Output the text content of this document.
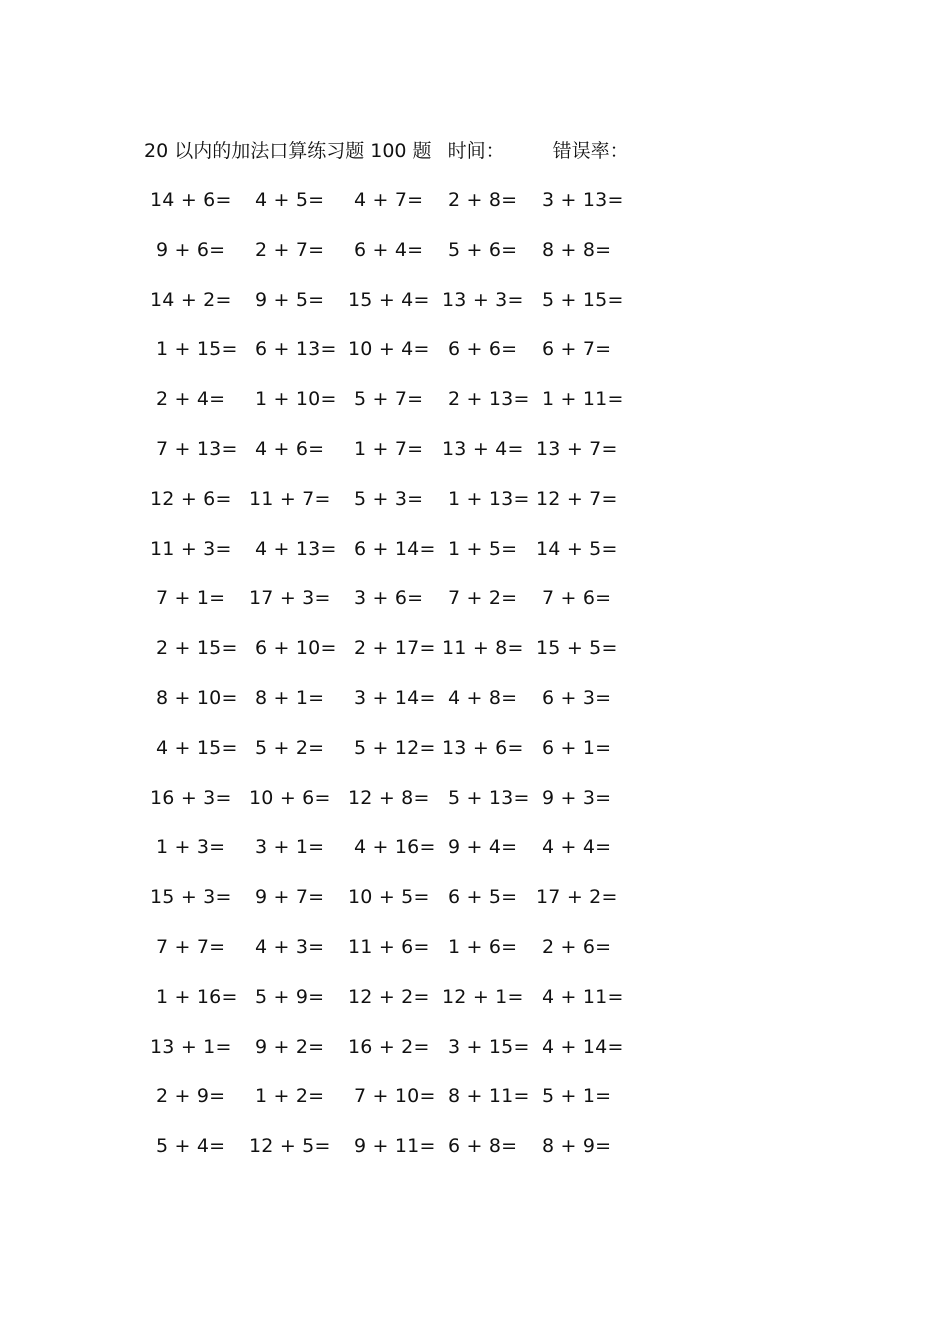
20 以内的加法口算练习题 100 题 时间：	错误率：
14 + 6= 4 + 5= 4 + 7= 2 + 8= 3 + 13=
9 + 6= 2 + 7= 6 + 4= 5 + 6= 8 + 8=
14 + 2= 9 + 5= 15 + 4= 13 + 3= 5 + 15=
1 + 15= 6 + 13= 10 + 4= 6 + 6= 6 + 7=
2 + 4= 1 + 10= 5 + 7= 2 + 13= 1 + 11=
7 + 13= 4 + 6= 1 + 7= 13 + 4= 13 + 7=
12 + 6= 11 + 7= 5 + 3= 1 + 13= 12 + 7=
11 + 3= 4 + 13= 6 + 14= 1 + 5= 14 + 5=
7 + 1= 17 + 3= 3 + 6= 7 + 2= 7 + 6=
2 + 15= 6 + 10= 2 + 17= 11 + 8= 15 + 5=
8 + 10= 8 + 1= 3 + 14= 4 + 8= 6 + 3=
4 + 15= 5 + 2= 5 + 12= 13 + 6= 6 + 1=
16 + 3= 10 + 6= 12 + 8= 5 + 13= 9 + 3=
1 + 3= 3 + 1= 4 + 16= 9 + 4= 4 + 4=
15 + 3= 9 + 7= 10 + 5= 6 + 5= 17 + 2=
7 + 7= 4 + 3= 11 + 6= 1 + 6= 2 + 6=
1 + 16= 5 + 9= 12 + 2= 12 + 1= 4 + 11=
13 + 1= 9 + 2= 16 + 2= 3 + 15= 4 + 14=
2 + 9= 1 + 2= 7 + 10= 8 + 11= 5 + 1=
5 + 4= 12 + 5= 9 + 11= 6 + 8= 8 + 9=
